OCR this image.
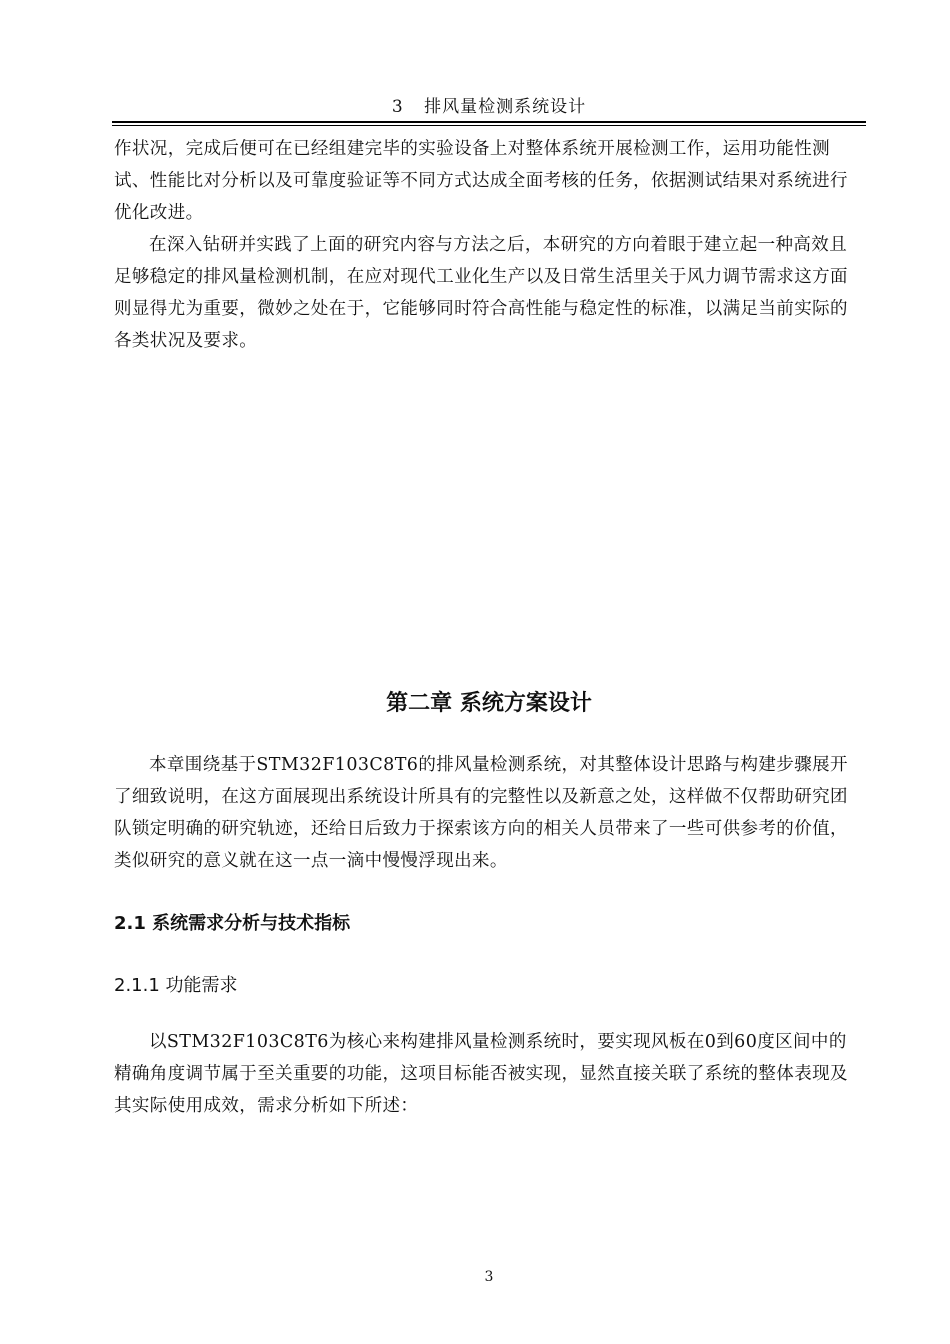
3 排风量检测系统设计

作状况，完成后便可在已经组建完毕的实验设备上对整体系统开展检测工作，运用功能性测试、性能比对分析以及可靠度验证等不同方式达成全面考核的任务，依据测试结果对系统进行优化改进。

在深入钻研并实践了上面的研究内容与方法之后，本研究的方向着眼于建立起一种高效且足够稳定的排风量检测机制，在应对现代工业化生产以及日常生活里关于风力调节需求这方面则显得尤为重要，微妙之处在于，它能够同时符合高性能与稳定性的标准，以满足当前实际的各类状况及要求。

第二章 系统方案设计

本章围绕基于STM32F103C8T6的排风量检测系统，对其整体设计思路与构建步骤展开了细致说明，在这方面展现出系统设计所具有的完整性以及新意之处，这样做不仅帮助研究团队锁定明确的研究轨迹，还给日后致力于探索该方向的相关人员带来了一些可供参考的价值，类似研究的意义就在这一点一滴中慢慢浮现出来。

2.1 系统需求分析与技术指标
2.1.1 功能需求

以STM32F103C8T6为核心来构建排风量检测系统时，要实现风板在0到60度区间中的精确角度调节属于至关重要的功能，这项目标能否被实现，显然直接关联了系统的整体表现及其实际使用成效，需求分析如下所述：

3
